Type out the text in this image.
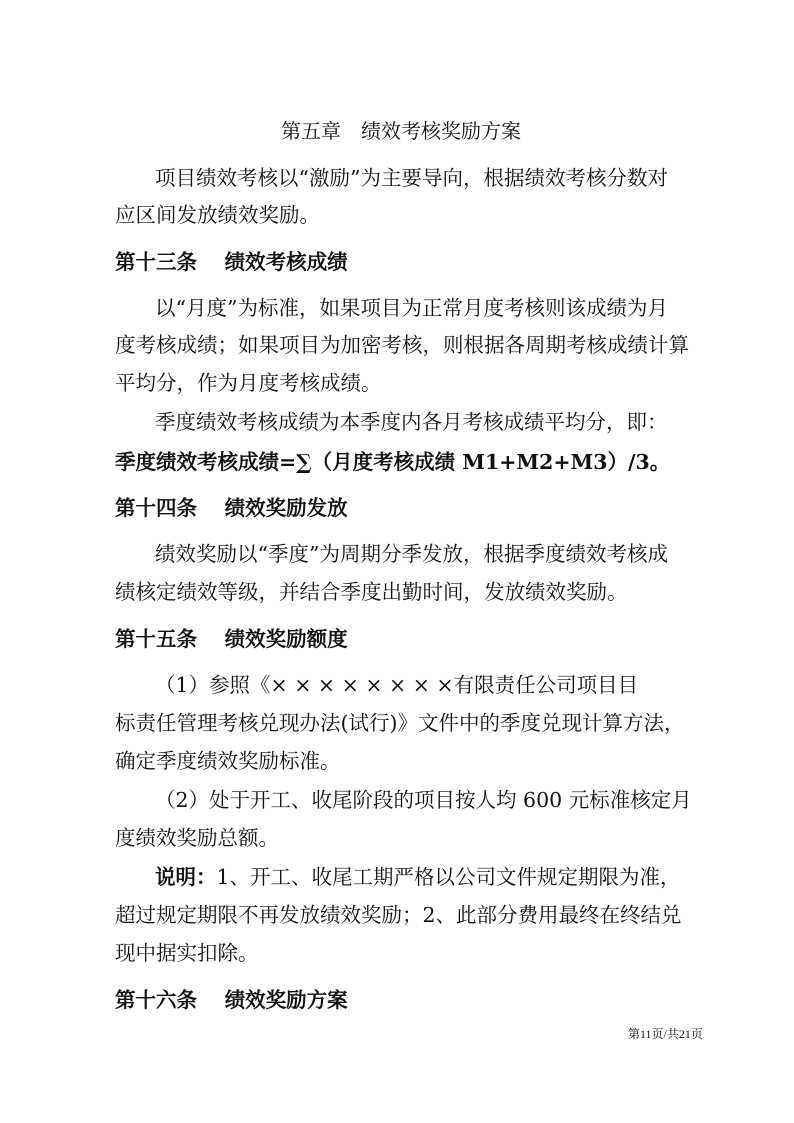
第五章　绩效考核奖励方案
项目绩效考核以“激励”为主要导向，根据绩效考核分数对
应区间发放绩效奖励。
第十三条　 绩效考核成绩
以“月度”为标准，如果项目为正常月度考核则该成绩为月
度考核成绩；如果项目为加密考核，则根据各周期考核成绩计算
平均分，作为月度考核成绩。
季度绩效考核成绩为本季度内各月考核成绩平均分，即：
季度绩效考核成绩=∑（月度考核成绩 M1+M2+M3）/3。
第十四条　 绩效奖励发放
绩效奖励以“季度”为周期分季发放，根据季度绩效考核成
绩核定绩效等级，并结合季度出勤时间，发放绩效奖励。
第十五条　 绩效奖励额度
（1）参照《× × × × × × × ×有限责任公司项目目
标责任管理考核兑现办法(试行)》文件中的季度兑现计算方法，
确定季度绩效奖励标准。
（2）处于开工、收尾阶段的项目按人均 600 元标准核定月
度绩效奖励总额。
说明：1、开工、收尾工期严格以公司文件规定期限为准，
超过规定期限不再发放绩效奖励；2、此部分费用最终在终结兑
现中据实扣除。
第十六条　 绩效奖励方案
第11页/共21页
